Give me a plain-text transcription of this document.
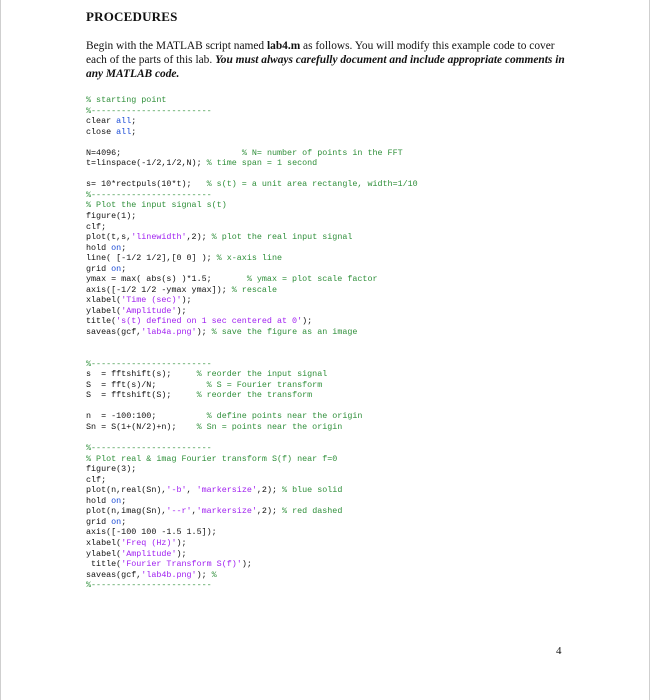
PROCEDURES
Begin with the MATLAB script named lab4.m as follows. You will modify this example code to cover each of the parts of this lab. You must always carefully document and include appropriate comments in any MATLAB code.
% starting point
%------------------------
clear all;
close all;
N=4096;                        % N= number of points in the FFT
t=linspace(-1/2,1/2,N); % time span = 1 second
s= 10*rectpuls(10*t);   % s(t) = a unit area rectangle, width=1/10
%------------------------
% Plot the input signal s(t)
figure(1);
clf;
plot(t,s,'linewidth',2); % plot the real input signal
hold on;
line( [-1/2 1/2],[0 0] ); % x-axis line
grid on;
ymax = max( abs(s) )*1.5;       % ymax = plot scale factor
axis([-1/2 1/2 -ymax ymax]); % rescale
xlabel('Time (sec)');
ylabel('Amplitude');
title('s(t) defined on 1 sec centered at 0');
saveas(gcf,'lab4a.png'); % save the figure as an image
%------------------------
s  = fftshift(s);     % reorder the input signal
S  = fft(s)/N;          % S = Fourier transform
S  = fftshift(S);     % reorder the transform
n  = -100:100;          % define points near the origin
Sn = S(1+(N/2)+n);    % Sn = points near the origin
%------------------------
% Plot real & imag Fourier transform S(f) near f=0
figure(3);
clf;
plot(n,real(Sn),'-b', 'markersize',2); % blue solid
hold on;
plot(n,imag(Sn),'--r','markersize',2); % red dashed
grid on;
axis([-100 100 -1.5 1.5]);
xlabel('Freq (Hz)');
ylabel('Amplitude');
title('Fourier Transform S(f)');
saveas(gcf,'lab4b.png'); %
%------------------------
4
